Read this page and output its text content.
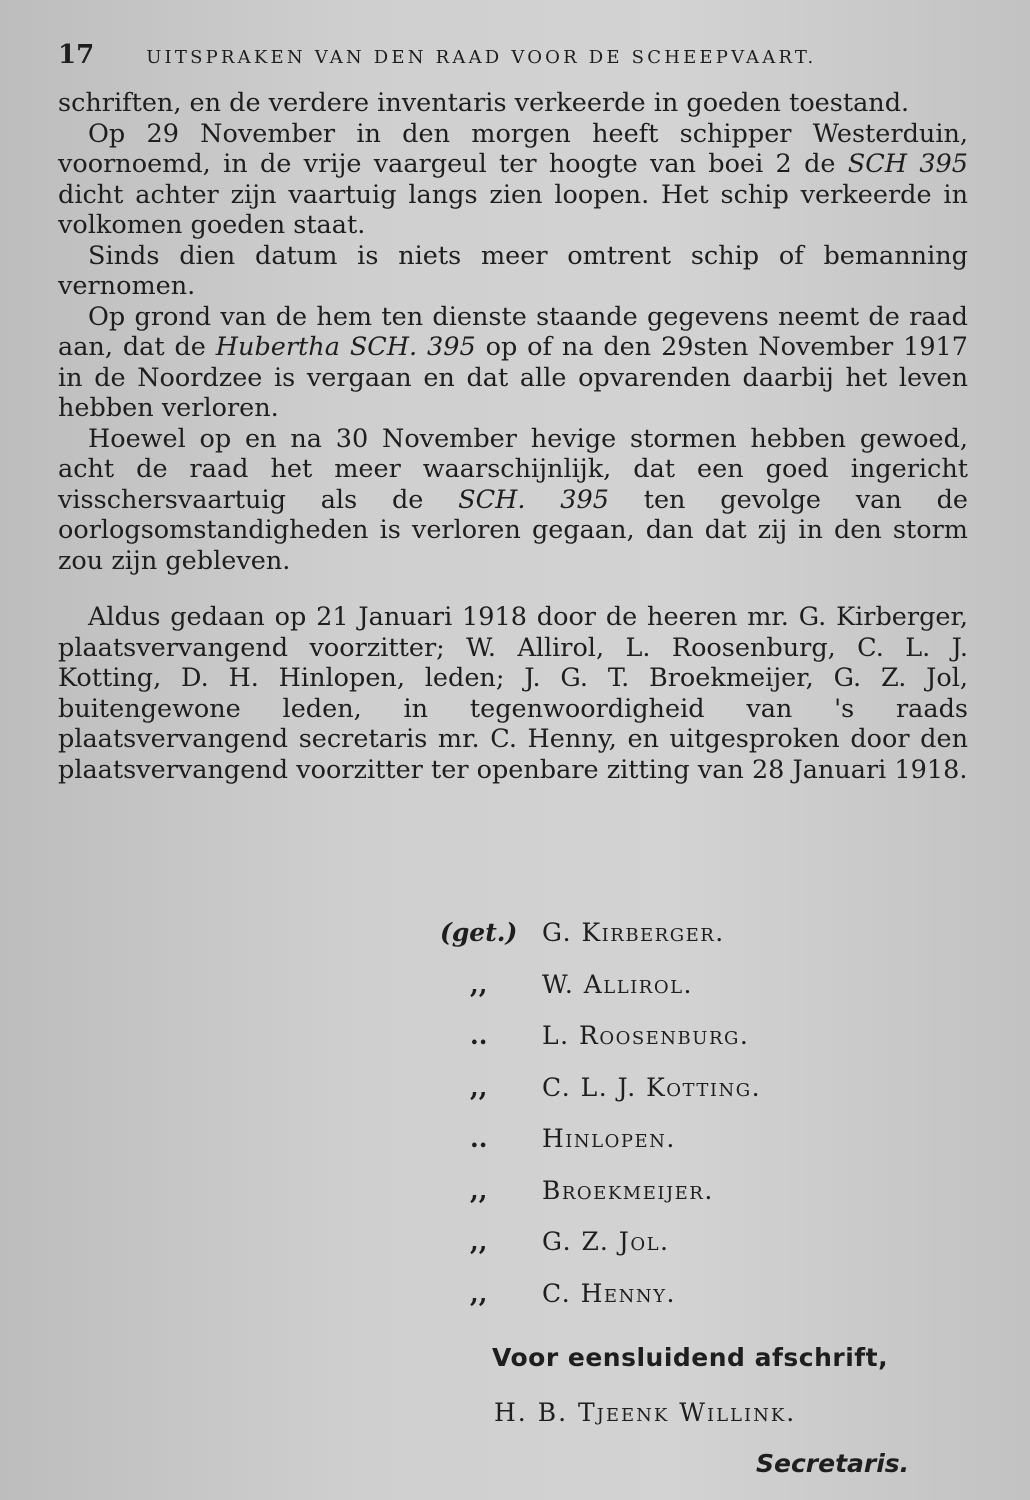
17	UITSPRAKEN VAN DEN RAAD VOOR DE SCHEEPVAART.

schriften, en de verdere inventaris verkeerde in goeden toestand.

Op 29 November in den morgen heeft schipper Westerduin, voornoemd, in de vrije vaargeul ter hoogte van boei 2 de SCH 395 dicht achter zijn vaartuig langs zien loopen. Het schip verkeerde in volkomen goeden staat.

Sinds dien datum is niets meer omtrent schip of bemanning vernomen.

Op grond van de hem ten dienste staande gegevens neemt de raad aan, dat de Hubertha SCH. 395 op of na den 29sten November 1917 in de Noordzee is vergaan en dat alle opvarenden daarbij het leven hebben verloren.

Hoewel op en na 30 November hevige stormen hebben gewoed, acht de raad het meer waarschijnlijk, dat een goed ingericht visschersvaartuig als de SCH. 395 ten gevolge van de oorlogsomstandigheden is verloren gegaan, dan dat zij in den storm zou zijn gebleven.

Aldus gedaan op 21 Januari 1918 door de heeren mr. G. Kirberger, plaatsvervangend voorzitter; W. Allirol, L. Roosenburg, C. L. J. Kotting, D. H. Hinlopen, leden; J. G. T. Broekmeijer, G. Z. Jol, buitengewone leden, in tegenwoordigheid van 's raads plaatsvervangend secretaris mr. C. Henny, en uitgesproken door den plaatsvervangend voorzitter ter openbare zitting van 28 Januari 1918.

(get.) G. Kirberger.
,,	W. Allirol.
..	L. Roosenburg.
,,	C. L. J. Kotting.
..	Hinlopen.
,,	Broekmeijer.
,,	G. Z. Jol.
,,	C. Henny.
Voor eensluidend afschrift,
H. B. Tjeenk Willink.
Secretaris.
